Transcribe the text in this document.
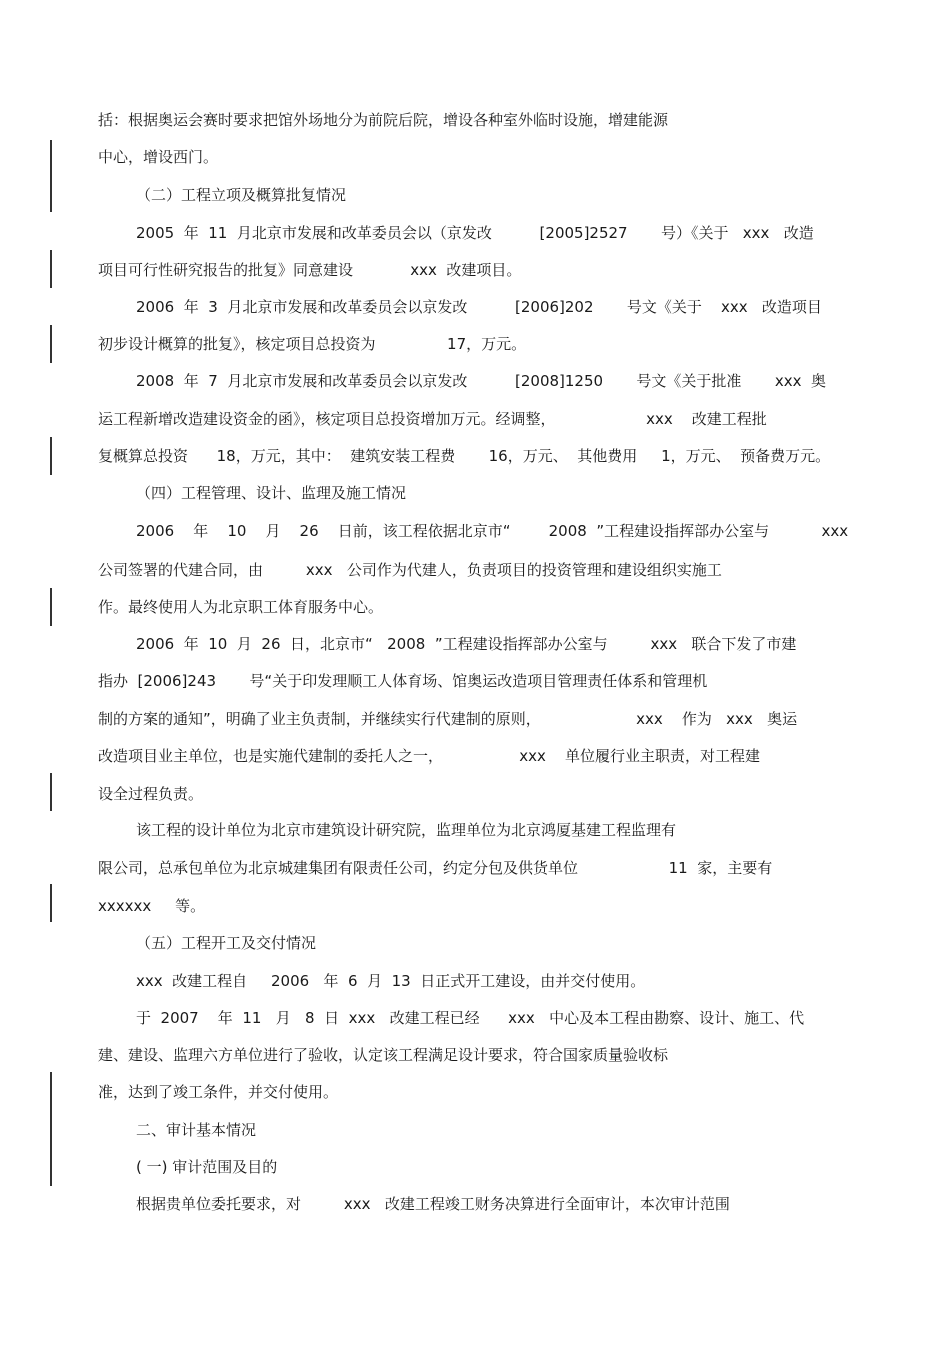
括：根据奥运会赛时要求把馆外场地分为前院后院，增设各种室外临时设施，增建能源
中心，增设西门。
（二）工程立项及概算批复情况
2005  年  11  月北京市发展和改革委员会以（京发改          [2005]2527       号）《关于   xxx   改造
项目可行性研究报告的批复》同意建设            xxx  改建项目。
2006  年  3  月北京市发展和改革委员会以京发改          [2006]202       号文《关于    xxx   改造项目
初步设计概算的批复》，核定项目总投资为               17，万元。
2008  年  7  月北京市发展和改革委员会以京发改          [2008]1250       号文《关于批准       xxx  奥
运工程新增改造建设资金的函》，核定项目总投资增加万元。经调整，                   xxx    改建工程批
复概算总投资      18，万元，其中：  建筑安装工程费       16，万元、  其他费用     1，万元、  预备费万元。
（四）工程管理、设计、监理及施工情况
2006    年    10    月    26    日前，该工程依据北京市“        2008  ”工程建设指挥部办公室与           xxx
公司签署的代建合同，由         xxx   公司作为代建人，负责项目的投资管理和建设组织实施工
作。最终使用人为北京职工体育服务中心。
2006  年  10  月  26  日，北京市“   2008  ”工程建设指挥部办公室与         xxx   联合下发了市建
指办  [2006]243       号“关于印发理顺工人体育场、馆奥运改造项目管理责任体系和管理机
制的方案的通知”，明确了业主负责制，并继续实行代建制的原则，                    xxx    作为   xxx   奥运
改造项目业主单位，也是实施代建制的委托人之一，                xxx    单位履行业主职责，对工程建
设全过程负责。
该工程的设计单位为北京市建筑设计研究院，监理单位为北京鸿厦基建工程监理有
限公司，总承包单位为北京城建集团有限责任公司，约定分包及供货单位                   11  家，主要有
xxxxxx     等。
（五）工程开工及交付情况
xxx  改建工程自     2006   年  6  月  13  日正式开工建设，由并交付使用。
于  2007    年  11   月   8  日  xxx   改建工程已经      xxx   中心及本工程由勘察、设计、施工、代
建、建设、监理六方单位进行了验收，认定该工程满足设计要求，符合国家质量验收标
准，达到了竣工条件，并交付使用。
二、审计基本情况
( 一) 审计范围及目的
根据贵单位委托要求，对         xxx   改建工程竣工财务决算进行全面审计，本次审计范围
